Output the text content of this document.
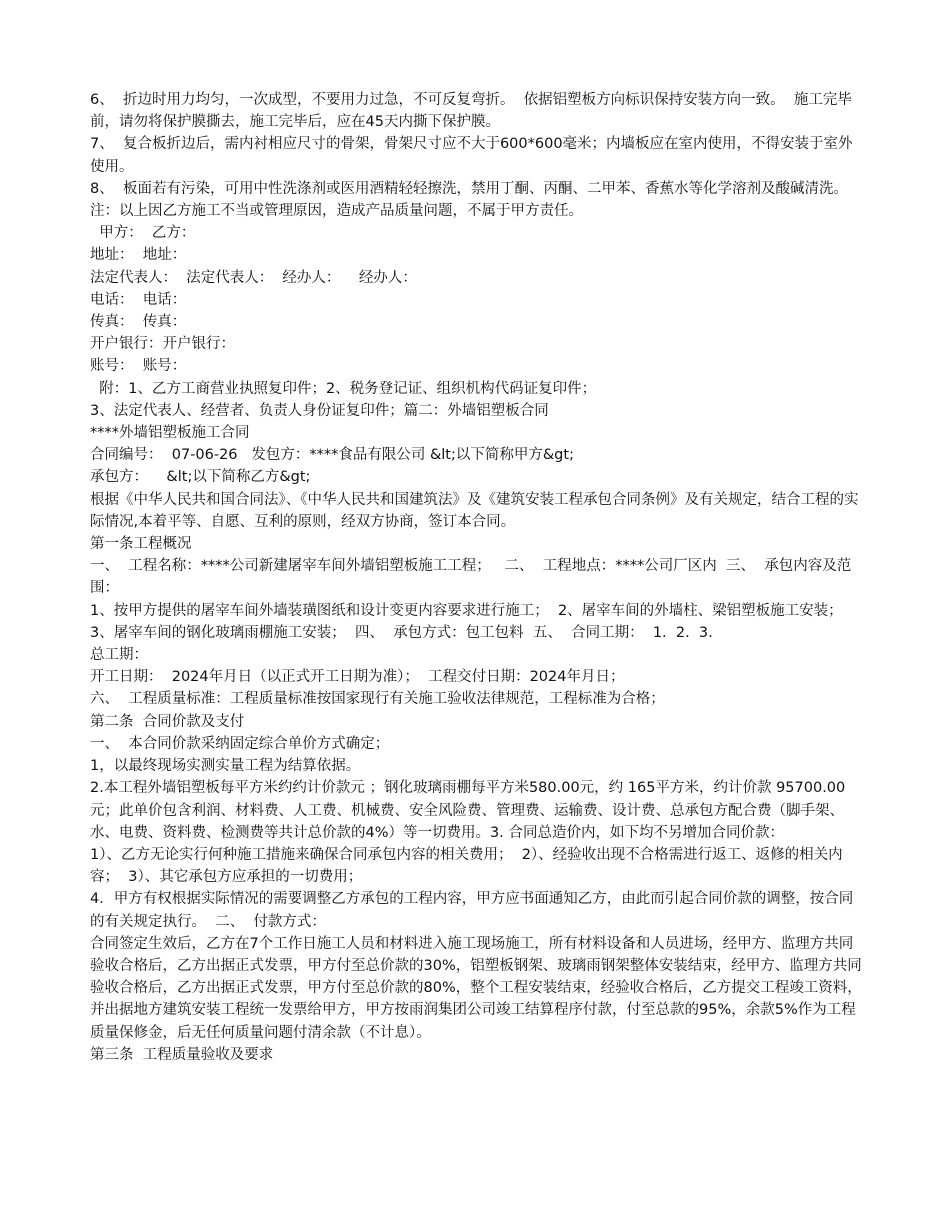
6、  折边时用力均匀，一次成型，不要用力过急，不可反复弯折。  依据铝塑板方向标识保持安装方向一致。  施工完毕前，请勿将保护膜撕去，施工完毕后，应在45天内撕下保护膜。

7、  复合板折边后，需内衬相应尺寸的骨架，骨架尺寸应不大于600*600毫米；内墙板应在室内使用，不得安装于室外使用。

8、  板面若有污染，可用中性洗涤剂或医用酒精轻轻擦洗，禁用丁酮、丙酮、二甲苯、香蕉水等化学溶剂及酸碱清洗。

注：以上因乙方施工不当或管理原因，造成产品质量问题，不属于甲方责任。

甲方：  乙方：

地址：  地址：

法定代表人：  法定代表人：  经办人：    经办人：

电话：  电话：

传真：  传真：

开户银行：开户银行：

账号：  账号：

附：1、乙方工商营业执照复印件；2、税务登记证、组织机构代码证复印件；

3、法定代表人、经营者、负责人身份证复印件；篇二：外墙铝塑板合同

****外墙铝塑板施工合同

合同编号：  07-06-26   发包方：****食品有限公司 &lt;以下简称甲方&gt;

承包方：    &lt;以下简称乙方&gt;

根据《中华人民共和国合同法》、《中华人民共和国建筑法》及《建筑安装工程承包合同条例》及有关规定，结合工程的实际情况,本着平等、自愿、互利的原则，经双方协商，签订本合同。

第一条工程概况

一、  工程名称：****公司新建屠宰车间外墙铝塑板施工工程；   二、  工程地点：****公司厂区内  三、  承包内容及范围：

1、按甲方提供的屠宰车间外墙装璜图纸和设计变更内容要求进行施工；  2、屠宰车间的外墙柱、梁铝塑板施工安装；  3、屠宰车间的钢化玻璃雨棚施工安装；  四、  承包方式：包工包料  五、  合同工期：  1.  2.  3.

总工期：

开工日期：  2024年月日（以正式开工日期为准）；  工程交付日期：2024年月日；

六、  工程质量标准：工程质量标准按国家现行有关施工验收法律规范，工程标准为合格；

第二条  合同价款及支付

一、  本合同价款采纳固定综合单价方式确定；

1，以最终现场实测实量工程为结算依据。

2.本工程外墙铝塑板每平方米约约计价款元 ；钢化玻璃雨棚每平方米580.00元，约 165平方米，约计价款 95700.00元；此单价包含利润、材料费、人工费、机械费、安全风险费、管理费、运输费、设计费、总承包方配合费（脚手架、水、电费、资料费、检测费等共计总价款的4%）等一切费用。3. 合同总造价内，如下均不另增加合同价款：

1）、乙方无论实行何种施工措施来确保合同承包内容的相关费用；  2）、经验收出现不合格需进行返工、返修的相关内容；  3）、其它承包方应承担的一切费用；

4．甲方有权根据实际情况的需要调整乙方承包的工程内容，甲方应书面通知乙方，由此而引起合同价款的调整，按合同的有关规定执行。  二、  付款方式：

合同签定生效后，乙方在7个工作日施工人员和材料进入施工现场施工，所有材料设备和人员进场，经甲方、监理方共同验收合格后，乙方出据正式发票，甲方付至总价款的30%，铝塑板钢架、玻璃雨钢架整体安装结束，经甲方、监理方共同验收合格后，乙方出据正式发票，甲方付至总价款的80%，整个工程安装结束，经验收合格后，乙方提交工程竣工资料，并出据地方建筑安装工程统一发票给甲方，甲方按雨润集团公司竣工结算程序付款，付至总款的95%，余款5%作为工程质量保修金，后无任何质量问题付清余款（不计息）。

第三条  工程质量验收及要求
